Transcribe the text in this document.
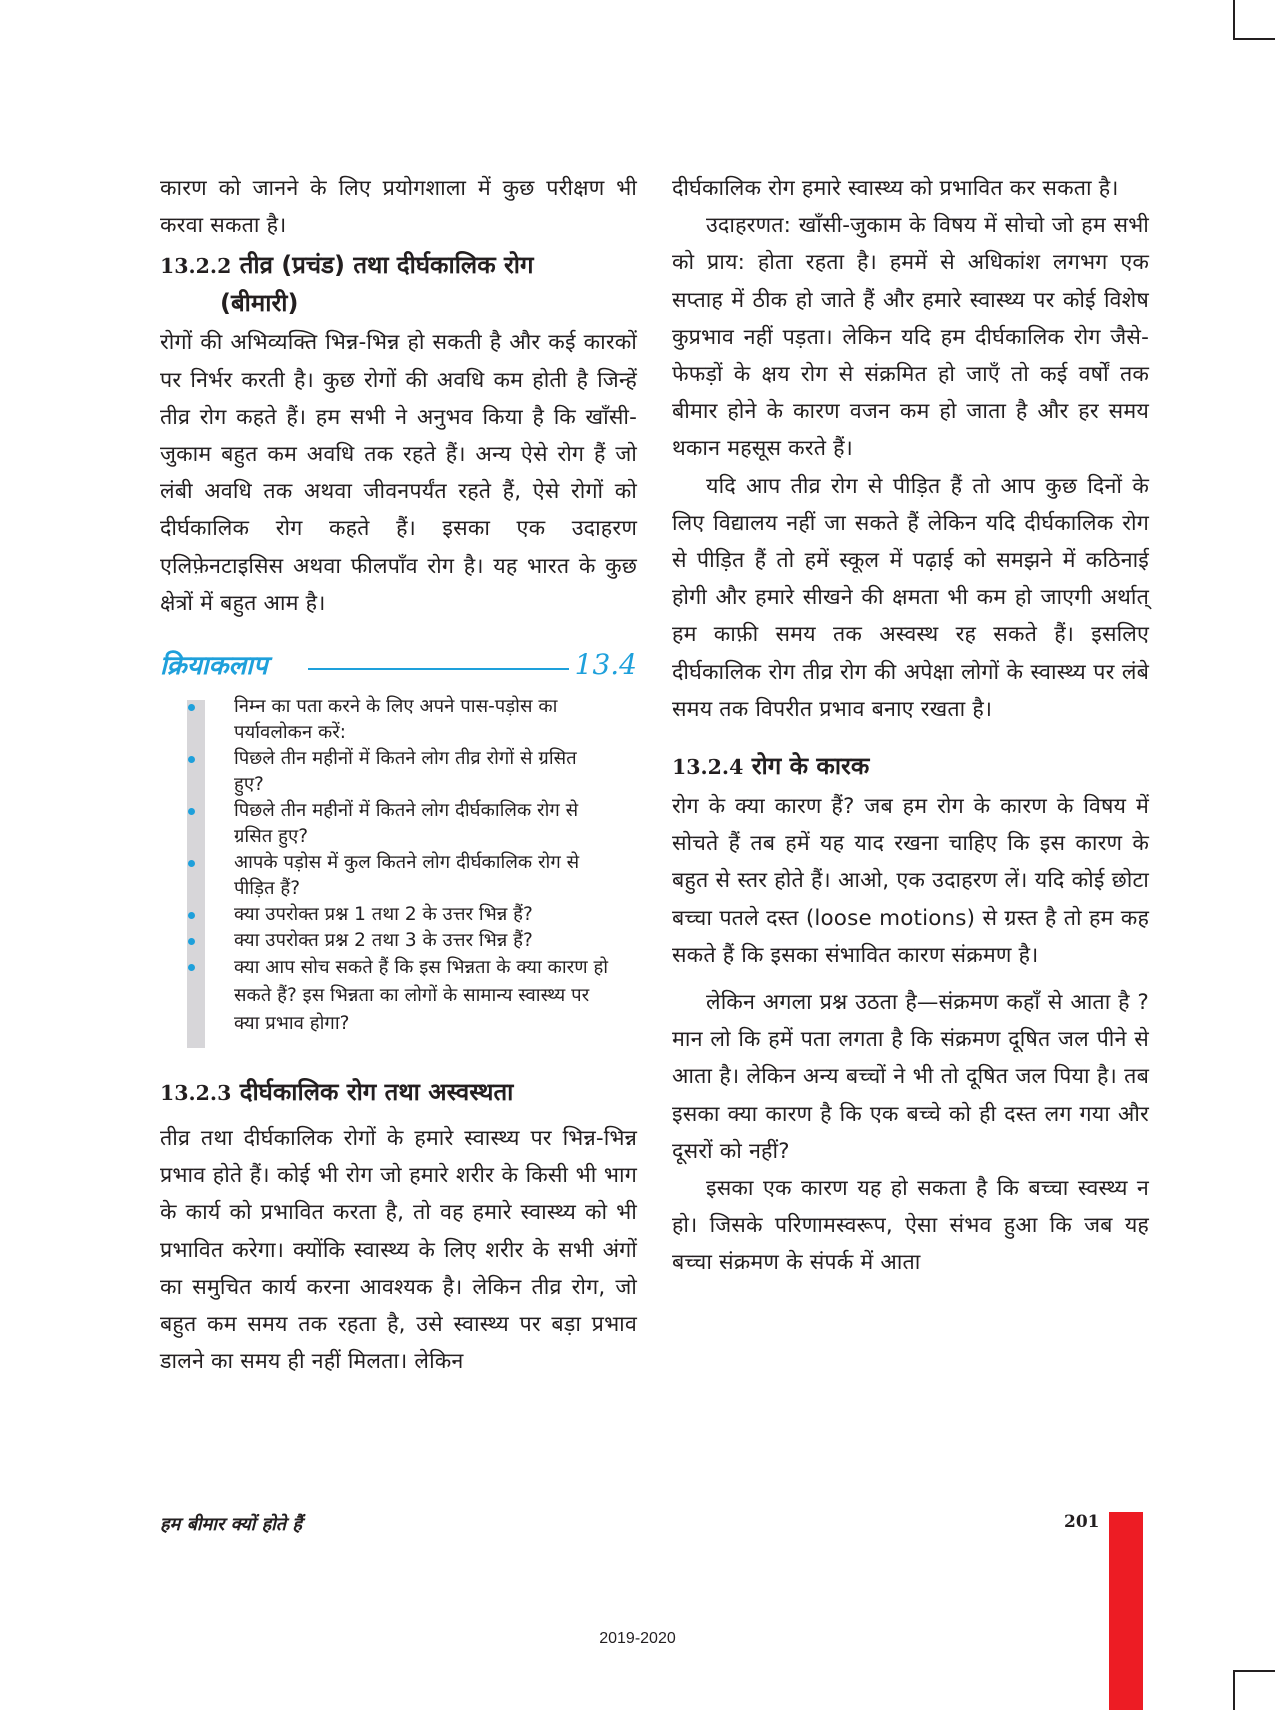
कारण को जानने के लिए प्रयोगशाला में कुछ परीक्षण भी करवा सकता है।

13.2.2 तीव्र (प्रचंड) तथा दीर्घकालिक रोग
(बीमारी)

रोगों की अभिव्यक्ति भिन्न-भिन्न हो सकती है और कई कारकों पर निर्भर करती है। कुछ रोगों की अवधि कम होती है जिन्हें तीव्र रोग कहते हैं। हम सभी ने अनुभव किया है कि खाँसी-जुकाम बहुत कम अवधि तक रहते हैं। अन्य ऐसे रोग हैं जो लंबी अवधि तक अथवा जीवनपर्यंत रहते हैं, ऐसे रोगों को दीर्घकालिक रोग कहते हैं। इसका एक उदाहरण एलिफ़ेनटाइसिस अथवा फीलपाँव रोग है। यह भारत के कुछ क्षेत्रों में बहुत आम है।

क्रियाकलाप	13.4
निम्न का पता करने के लिए अपने पास-पड़ोस का पर्यावलोकन करें:
पिछले तीन महीनों में कितने लोग तीव्र रोगों से ग्रसित हुए?
पिछले तीन महीनों में कितने लोग दीर्घकालिक रोग से ग्रसित हुए?
आपके पड़ोस में कुल कितने लोग दीर्घकालिक रोग से पीड़ित हैं?
क्या उपरोक्त प्रश्न 1 तथा 2 के उत्तर भिन्न हैं?
क्या उपरोक्त प्रश्न 2 तथा 3 के उत्तर भिन्न हैं?
क्या आप सोच सकते हैं कि इस भिन्नता के क्या कारण हो सकते हैं? इस भिन्नता का लोगों के सामान्य स्वास्थ्य पर क्या प्रभाव होगा?
13.2.3 दीर्घकालिक रोग तथा अस्वस्थता

तीव्र तथा दीर्घकालिक रोगों के हमारे स्वास्थ्य पर भिन्न-भिन्न प्रभाव होते हैं। कोई भी रोग जो हमारे शरीर के किसी भी भाग के कार्य को प्रभावित करता है, तो वह हमारे स्वास्थ्य को भी प्रभावित करेगा। क्योंकि स्वास्थ्य के लिए शरीर के सभी अंगों का समुचित कार्य करना आवश्यक है। लेकिन तीव्र रोग, जो बहुत कम समय तक रहता है, उसे स्वास्थ्य पर बड़ा प्रभाव डालने का समय ही नहीं मिलता। लेकिन

दीर्घकालिक रोग हमारे स्वास्थ्य को प्रभावित कर सकता है।

उदाहरणत: खाँसी-जुकाम के विषय में सोचो जो हम सभी को प्राय: होता रहता है। हममें से अधिकांश लगभग एक सप्ताह में ठीक हो जाते हैं और हमारे स्वास्थ्य पर कोई विशेष कुप्रभाव नहीं पड़ता। लेकिन यदि हम दीर्घकालिक रोग जैसे- फेफड़ों के क्षय रोग से संक्रमित हो जाएँ तो कई वर्षों तक बीमार होने के कारण वजन कम हो जाता है और हर समय थकान महसूस करते हैं।

यदि आप तीव्र रोग से पीड़ित हैं तो आप कुछ दिनों के लिए विद्यालय नहीं जा सकते हैं लेकिन यदि दीर्घकालिक रोग से पीड़ित हैं तो हमें स्कूल में पढ़ाई को समझने में कठिनाई होगी और हमारे सीखने की क्षमता भी कम हो जाएगी अर्थात् हम काफ़ी समय तक अस्वस्थ रह सकते हैं। इसलिए दीर्घकालिक रोग तीव्र रोग की अपेक्षा लोगों के स्वास्थ्य पर लंबे समय तक विपरीत प्रभाव बनाए रखता है।

13.2.4 रोग के कारक

रोग के क्या कारण हैं? जब हम रोग के कारण के विषय में सोचते हैं तब हमें यह याद रखना चाहिए कि इस कारण के बहुत से स्तर होते हैं। आओ, एक उदाहरण लें। यदि कोई छोटा बच्चा पतले दस्त (loose motions) से ग्रस्त है तो हम कह सकते हैं कि इसका संभावित कारण संक्रमण है।

लेकिन अगला प्रश्न उठता है—संक्रमण कहाँ से आता है ? मान लो कि हमें पता लगता है कि संक्रमण दूषित जल पीने से आता है। लेकिन अन्य बच्चों ने भी तो दूषित जल पिया है। तब इसका क्या कारण है कि एक बच्चे को ही दस्त लग गया और दूसरों को नहीं?

इसका एक कारण यह हो सकता है कि बच्चा स्वस्थ्य न हो। जिसके परिणामस्वरूप, ऐसा संभव हुआ कि जब यह बच्चा संक्रमण के संपर्क में आता

हम बीमार क्यों होते हैं	201
2019-2020
